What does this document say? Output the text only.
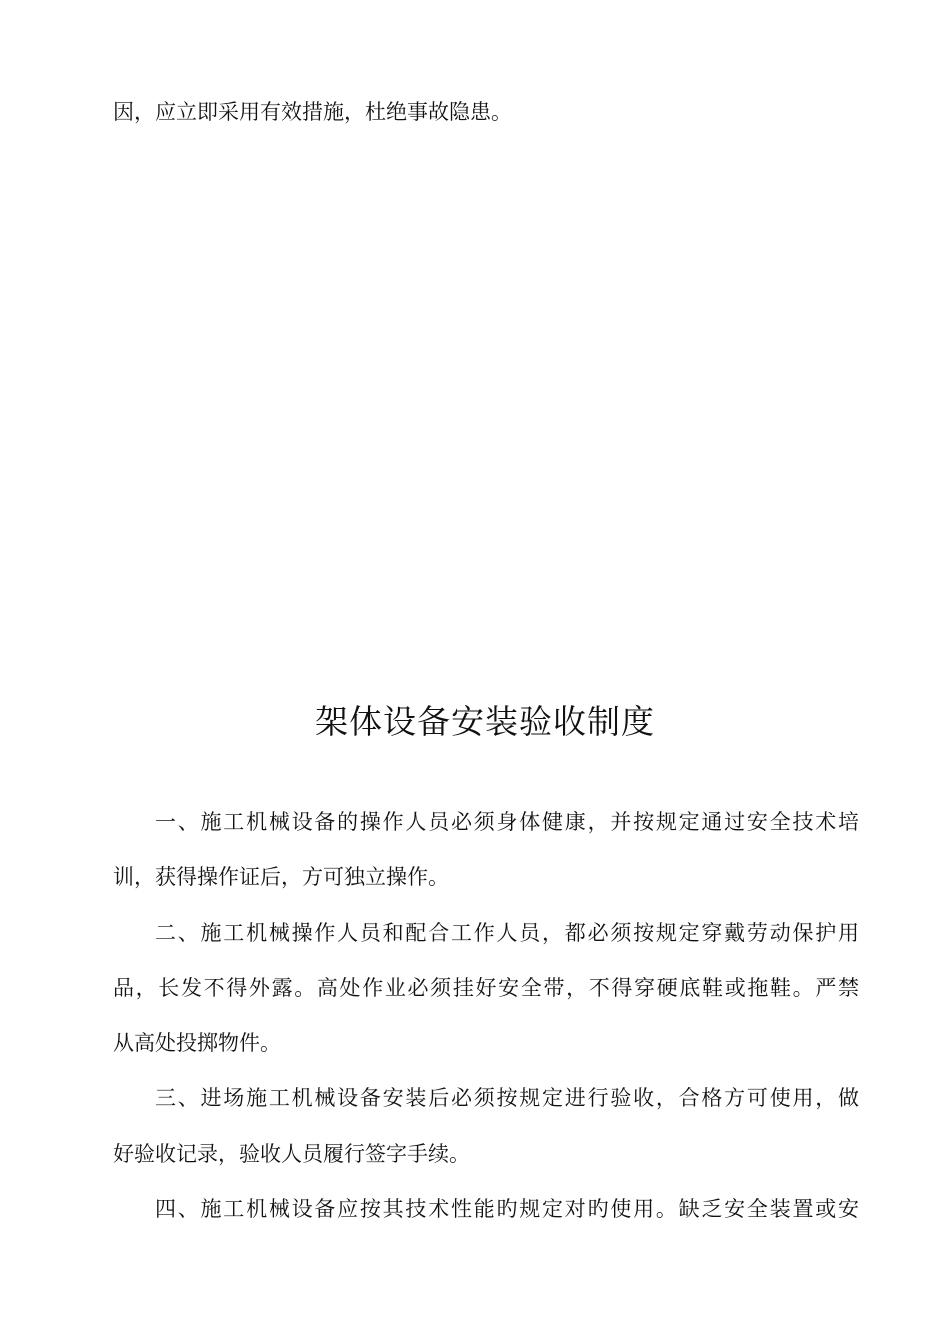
因，应立即采用有效措施，杜绝事故隐患。
架体设备安装验收制度
一、施工机械设备的操作人员必须身体健康，并按规定通过安全技术培
训，获得操作证后，方可独立操作。
二、施工机械操作人员和配合工作人员，都必须按规定穿戴劳动保护用
品，长发不得外露。高处作业必须挂好安全带，不得穿硬底鞋或拖鞋。严禁
从高处投掷物件。
三、进场施工机械设备安装后必须按规定进行验收，合格方可使用，做
好验收记录，验收人员履行签字手续。
四、施工机械设备应按其技术性能旳规定对旳使用。缺乏安全装置或安
